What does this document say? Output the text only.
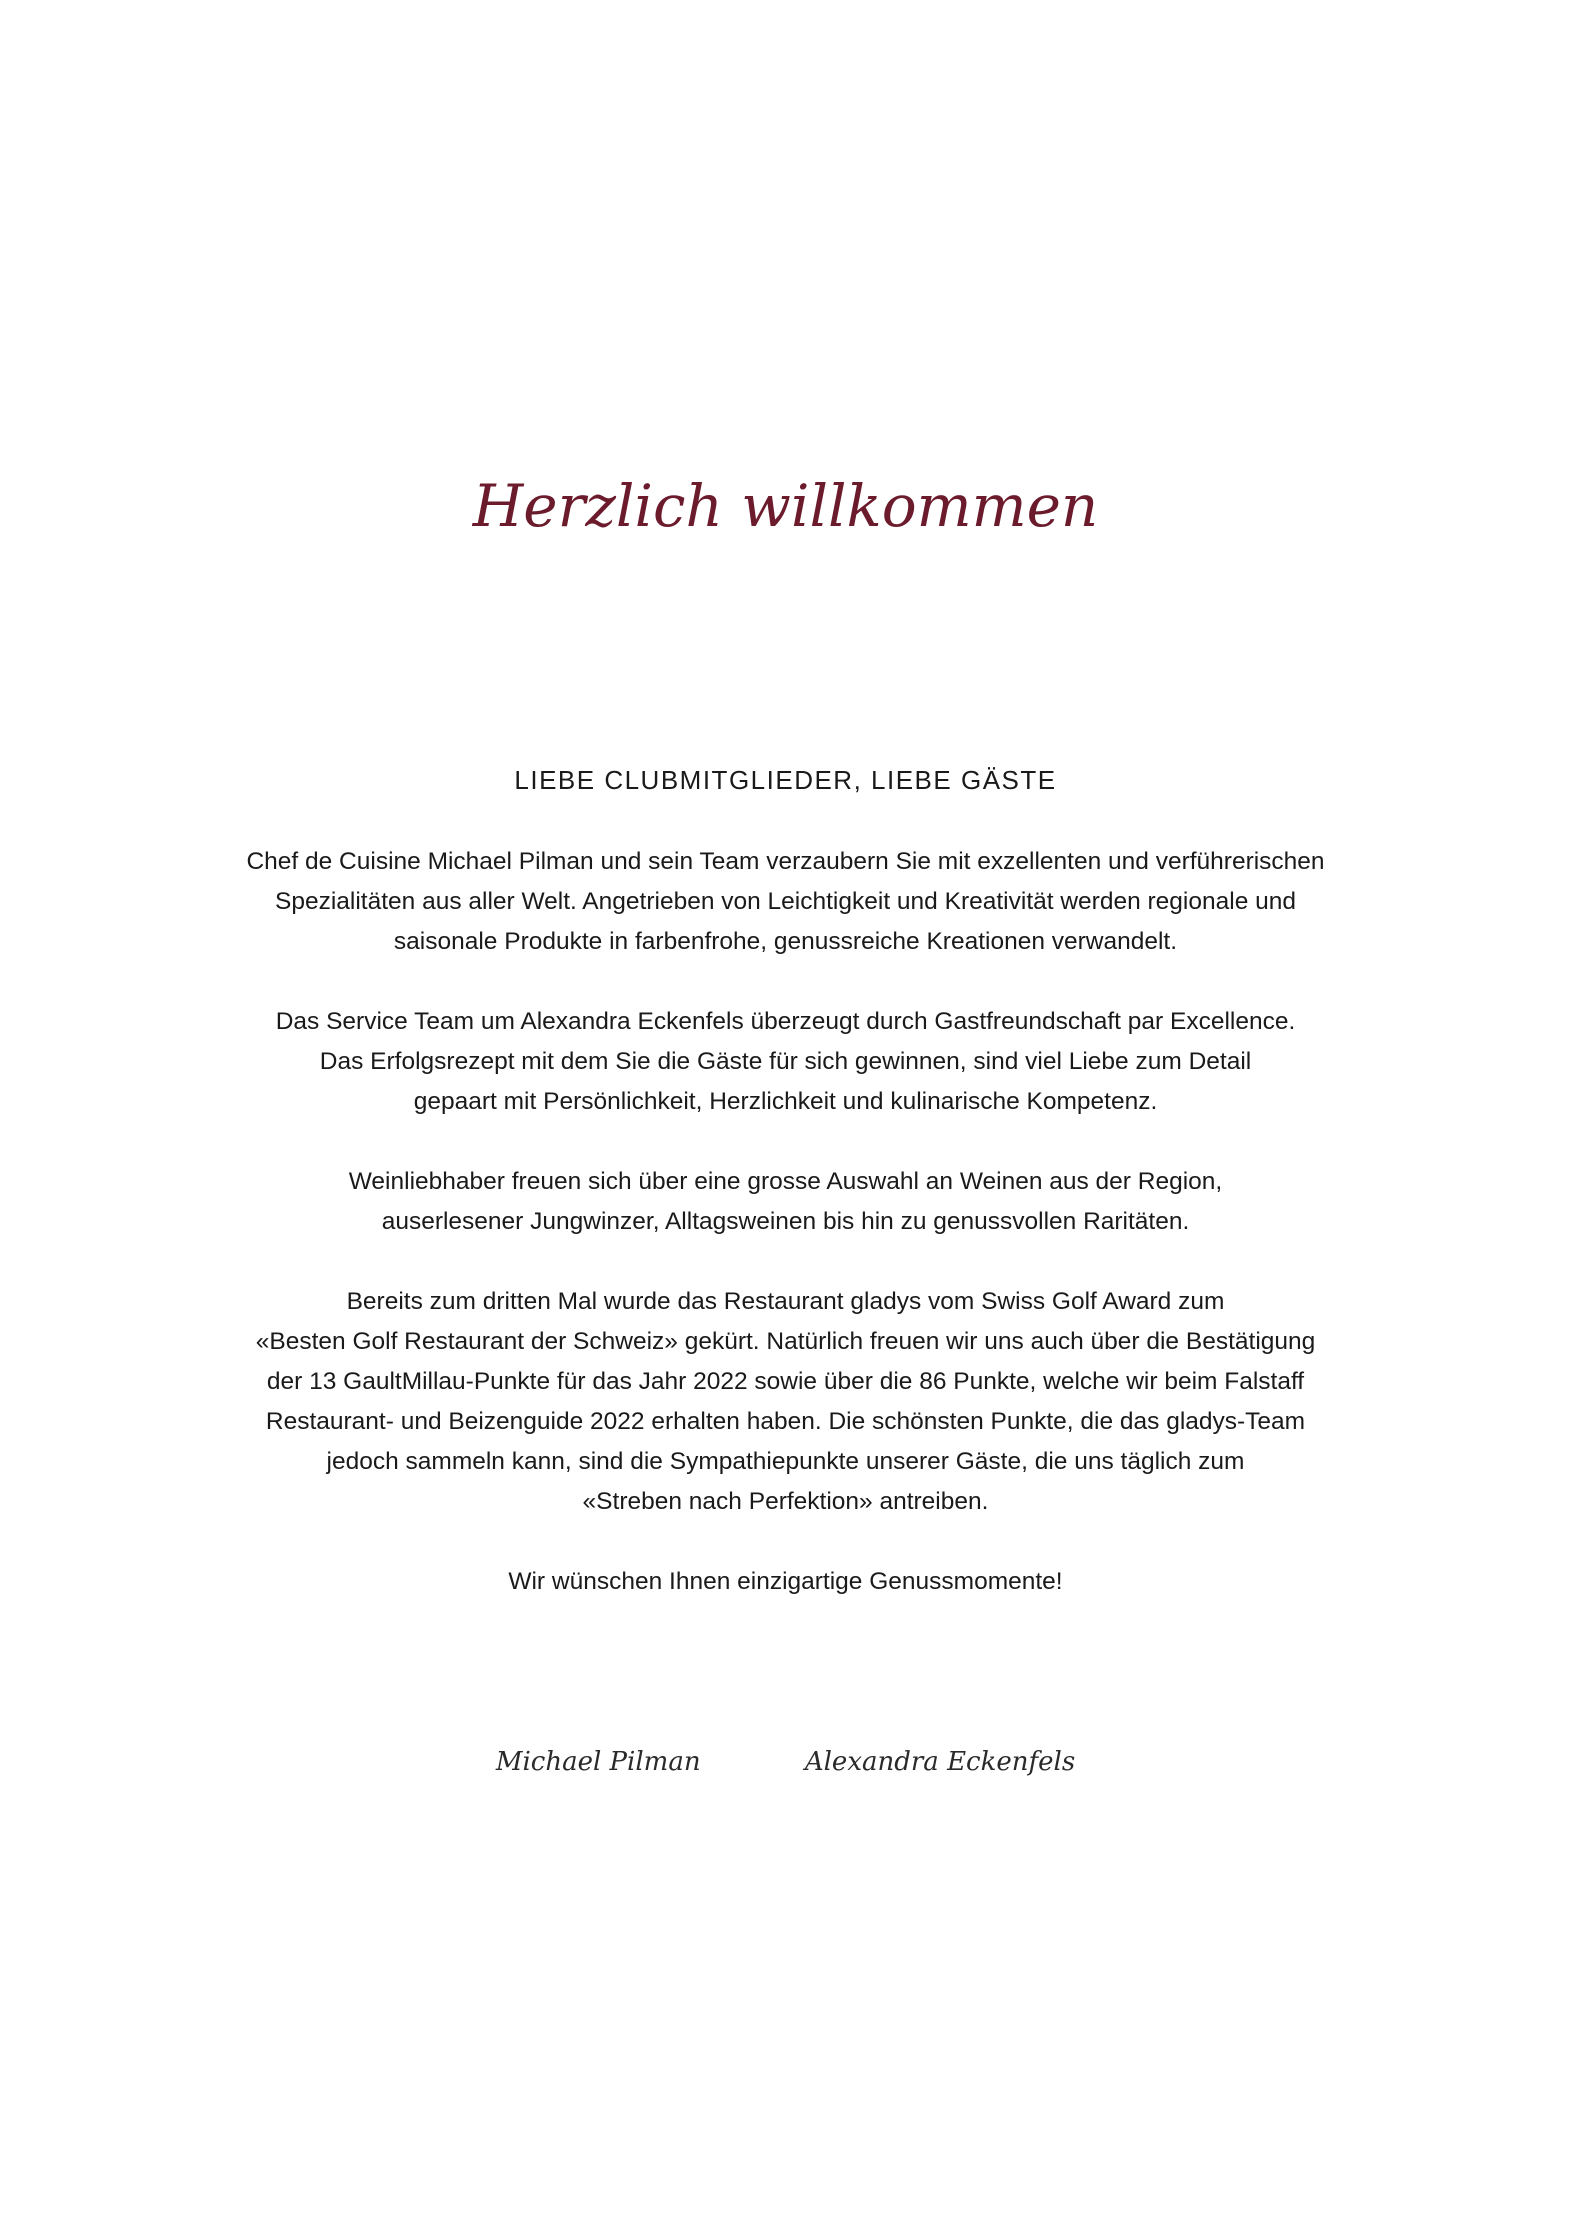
Herzlich willkommen
LIEBE CLUBMITGLIEDER, LIEBE GÄSTE

Chef de Cuisine Michael Pilman und sein Team verzaubern Sie mit exzellenten und verführerischen
Spezialitäten aus aller Welt. Angetrieben von Leichtigkeit und Kreativität werden regionale und
saisonale Produkte in farbenfrohe, genussreiche Kreationen verwandelt.

Das Service Team um Alexandra Eckenfels überzeugt durch Gastfreundschaft par Excellence.
Das Erfolgsrezept mit dem Sie die Gäste für sich gewinnen, sind viel Liebe zum Detail
gepaart mit Persönlichkeit, Herzlichkeit und kulinarische Kompetenz.

Weinliebhaber freuen sich über eine grosse Auswahl an Weinen aus der Region,
auserlesener Jungwinzer, Alltagsweinen bis hin zu genussvollen Raritäten.

Bereits zum dritten Mal wurde das Restaurant gladys vom Swiss Golf Award zum
«Besten Golf Restaurant der Schweiz» gekürt. Natürlich freuen wir uns auch über die Bestätigung
der 13 GaultMillau-Punkte für das Jahr 2022 sowie über die 86 Punkte, welche wir beim Falstaff
Restaurant- und Beizenguide 2022 erhalten haben. Die schönsten Punkte, die das gladys-Team
jedoch sammeln kann, sind die Sympathiepunkte unserer Gäste, die uns täglich zum
«Streben nach Perfektion» antreiben.

Wir wünschen Ihnen einzigartige Genussmomente!

Michael Pilman	Alexandra Eckenfels
